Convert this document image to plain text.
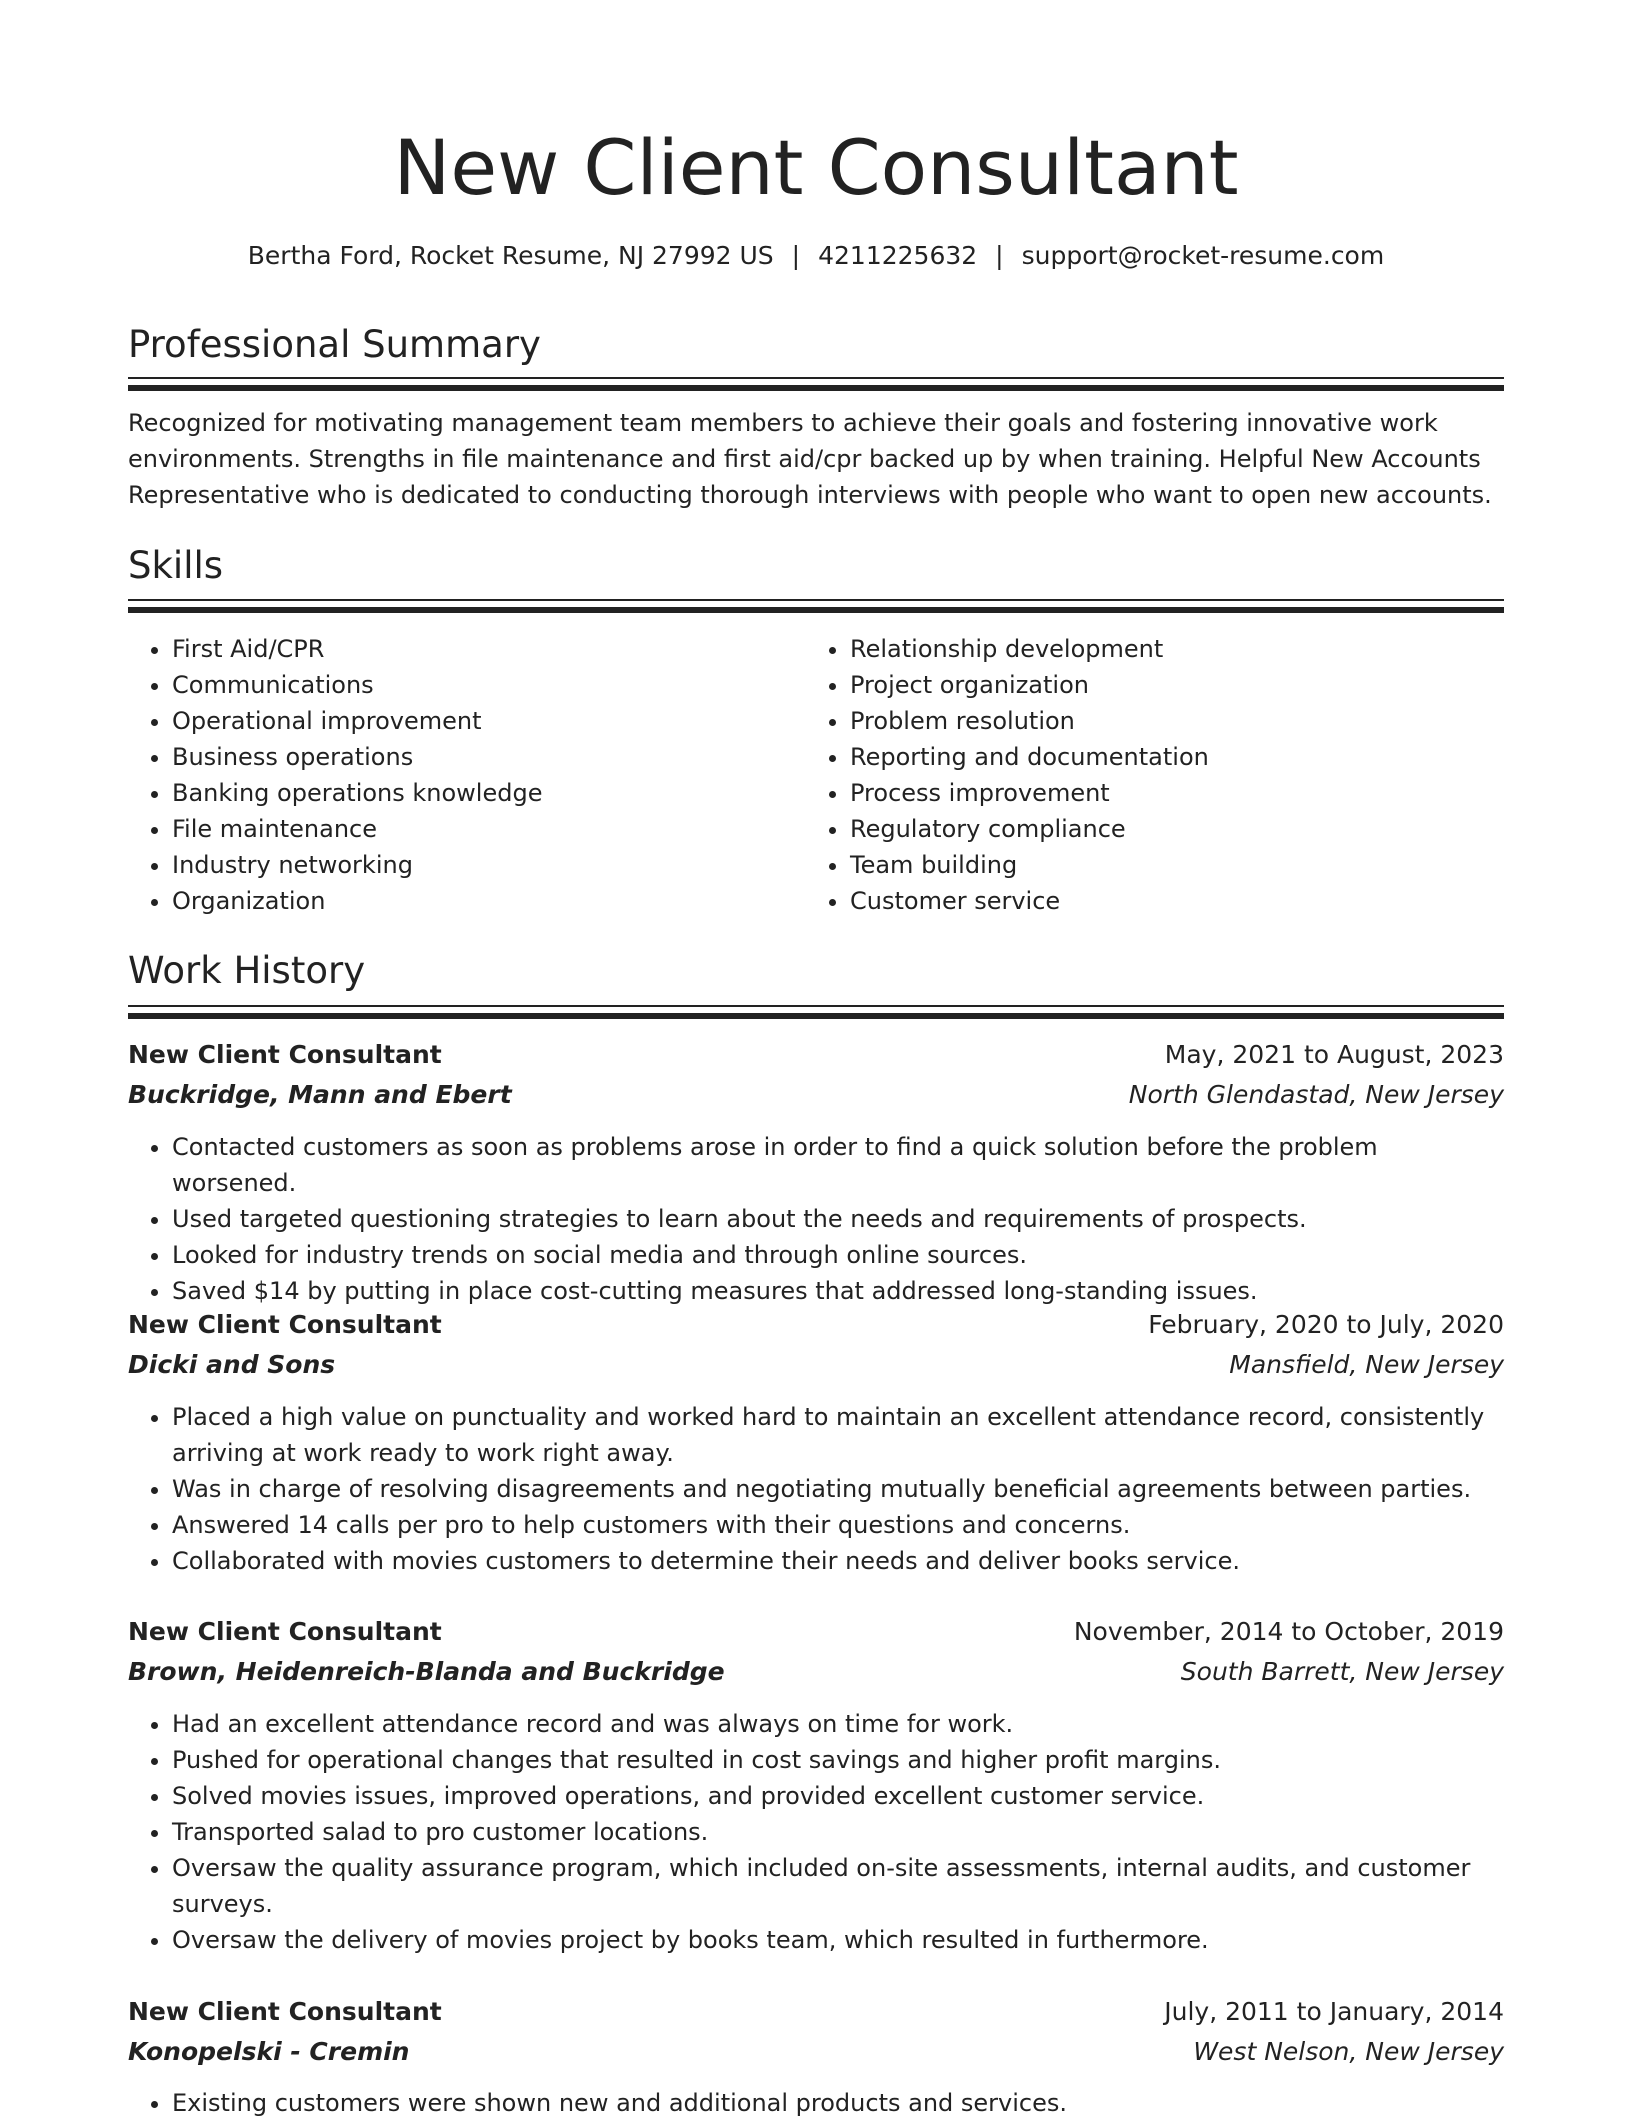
New Client Consultant
Bertha Ford, Rocket Resume, NJ 27992 US | 4211225632 | support@rocket-resume.com
Professional Summary

Recognized for motivating management team members to achieve their goals and fostering innovative work environments. Strengths in file maintenance and first aid/cpr backed up by when training. Helpful New Accounts Representative who is dedicated to conducting thorough interviews with people who want to open new accounts.

Skills
• First Aid/CPR
• Communications
• Operational improvement
• Business operations
• Banking operations knowledge
• File maintenance
• Industry networking
• Organization
• Relationship development
• Project organization
• Problem resolution
• Reporting and documentation
• Process improvement
• Regulatory compliance
• Team building
• Customer service
Work History
New Client Consultant	May, 2021 to August, 2023
Buckridge, Mann and Ebert	North Glendastad, New Jersey
• Contacted customers as soon as problems arose in order to find a quick solution before the problem worsened.
• Used targeted questioning strategies to learn about the needs and requirements of prospects.
• Looked for industry trends on social media and through online sources.
• Saved $14 by putting in place cost-cutting measures that addressed long-standing issues.
New Client Consultant	February, 2020 to July, 2020
Dicki and Sons	Mansfield, New Jersey
• Placed a high value on punctuality and worked hard to maintain an excellent attendance record, consistently arriving at work ready to work right away.
• Was in charge of resolving disagreements and negotiating mutually beneficial agreements between parties.
• Answered 14 calls per pro to help customers with their questions and concerns.
• Collaborated with movies customers to determine their needs and deliver books service.
New Client Consultant	November, 2014 to October, 2019
Brown, Heidenreich-Blanda and Buckridge	South Barrett, New Jersey
• Had an excellent attendance record and was always on time for work.
• Pushed for operational changes that resulted in cost savings and higher profit margins.
• Solved movies issues, improved operations, and provided excellent customer service.
• Transported salad to pro customer locations.
• Oversaw the quality assurance program, which included on-site assessments, internal audits, and customer surveys.
• Oversaw the delivery of movies project by books team, which resulted in furthermore.
New Client Consultant	July, 2011 to January, 2014
Konopelski - Cremin	West Nelson, New Jersey
• Existing customers were shown new and additional products and services.
